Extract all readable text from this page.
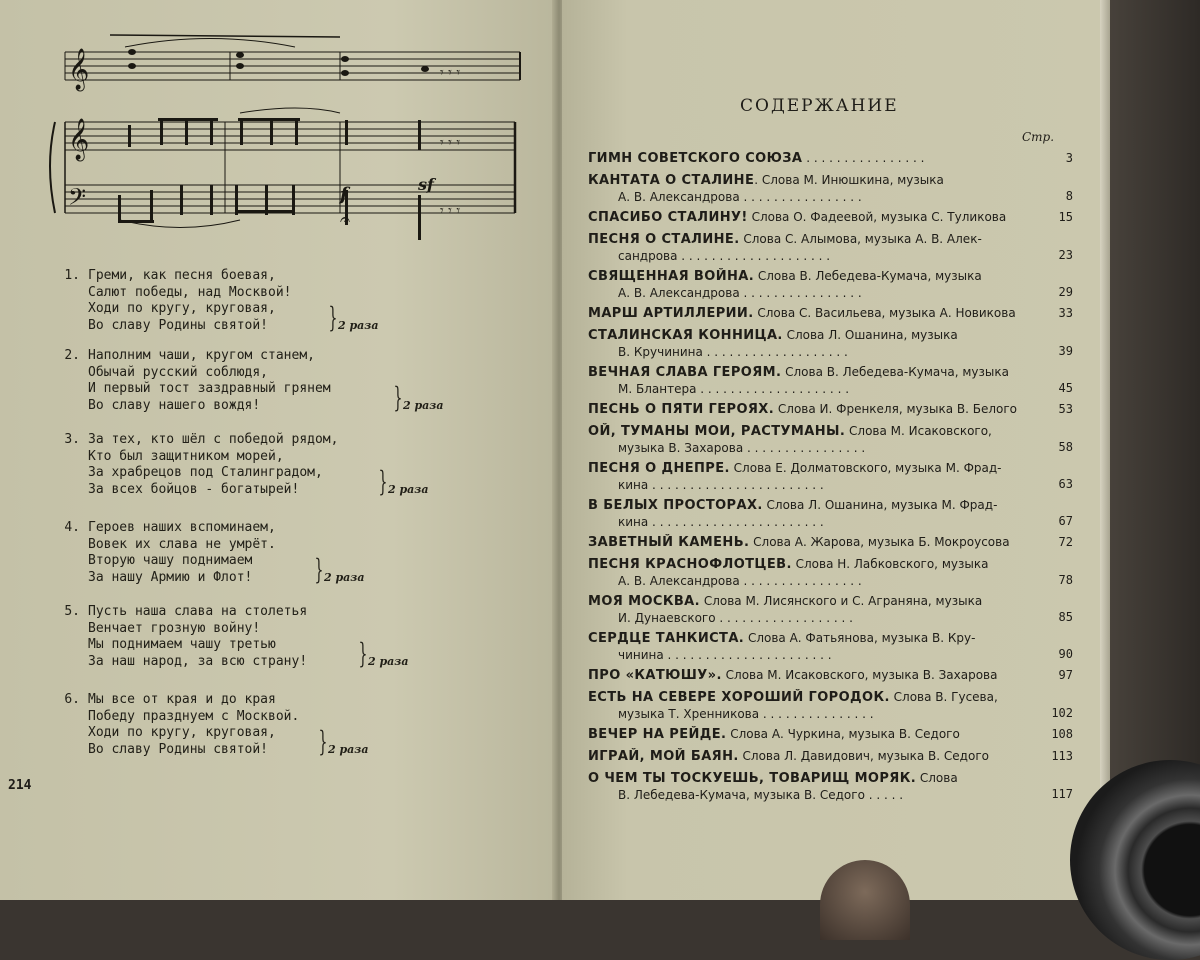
𝄞
𝄞
𝄢	f	sf
𝄾 𝄾 𝄾
𝄾 𝄾 𝄾
𝄾 𝄾 𝄾
𝄐
1. Греми, как песня боевая,
Салют победы, над Москвой!
Ходи по кругу, круговая,
Во славу Родины святой!	} 2 раза
2. Наполним чаши, кругом станем,
Обычай русский соблюдя,
И первый тост заздравный грянем
Во славу нашего вождя!	} 2 раза
3. За тех, кто шёл с победой рядом,
Кто был защитником морей,
За храбрецов под Сталинградом,
За всех бойцов - богатырей!	} 2 раза
4. Героев наших вспоминаем,
Вовек их слава не умрёт.
Вторую чашу поднимаем
За нашу Армию и Флот!	} 2 раза
5. Пусть наша слава на столетья
Венчает грозную войну!
Мы поднимаем чашу третью
За наш народ, за всю страну! } 2 раза
6. Мы все от края и до края
Победу празднуем с Москвой.
Ходи по кругу, круговая,
Во славу Родины святой!	} 2 раза
214
СОДЕРЖАНИЕ
Стр.
ГИМН СОВЕТСКОГО СОЮЗА . . . . . . . . . . . . . . . .	3
КАНТАТА О СТАЛИНЕ. Слова М. Инюшкина, музыка
А. В. Александрова . . . . . . . . . . . . . . . .	8
СПАСИБО СТАЛИНУ! Слова О. Фадеевой, музыка С. Туликова	15
ПЕСНЯ О СТАЛИНЕ. Слова С. Алымова, музыка А. В. Алек-
сандрова . . . . . . . . . . . . . . . . . . . .	23
СВЯЩЕННАЯ ВОЙНА. Слова В. Лебедева-Кумача, музыка
А. В. Александрова . . . . . . . . . . . . . . . .	29
МАРШ АРТИЛЛЕРИИ. Слова С. Васильева, музыка А. Новикова	33
СТАЛИНСКАЯ КОННИЦА. Слова Л. Ошанина, музыка
В. Кручинина . . . . . . . . . . . . . . . . . . .	39
ВЕЧНАЯ СЛАВА ГЕРОЯМ. Слова В. Лебедева-Кумача, музыка
М. Блантера . . . . . . . . . . . . . . . . . . . .	45
ПЕСНЬ О ПЯТИ ГЕРОЯХ. Слова И. Френкеля, музыка В. Белого	53
ОЙ, ТУМАНЫ МОИ, РАСТУМАНЫ. Слова М. Исаковского,
музыка В. Захарова . . . . . . . . . . . . . . . .	58
ПЕСНЯ О ДНЕПРЕ. Слова Е. Долматовского, музыка М. Фрад-
кина . . . . . . . . . . . . . . . . . . . . . . .	63
В БЕЛЫХ ПРОСТОРАХ. Слова Л. Ошанина, музыка М. Фрад-
кина . . . . . . . . . . . . . . . . . . . . . . .	67
ЗАВЕТНЫЙ КАМЕНЬ. Слова А. Жарова, музыка Б. Мокроусова	72
ПЕСНЯ КРАСНОФЛОТЦЕВ. Слова Н. Лабковского, музыка
А. В. Александрова . . . . . . . . . . . . . . . .	78
МОЯ МОСКВА. Слова М. Лисянского и С. Аграняна, музыка
И. Дунаевского . . . . . . . . . . . . . . . . . .	85
СЕРДЦЕ ТАНКИСТА. Слова А. Фатьянова, музыка В. Кру-
чинина . . . . . . . . . . . . . . . . . . . . . .	90
ПРО «КАТЮШУ». Слова М. Исаковского, музыка В. Захарова	97
ЕСТЬ НА СЕВЕРЕ ХОРОШИЙ ГОРОДОК. Слова В. Гусева,
музыка Т. Хренникова . . . . . . . . . . . . . . .	102
ВЕЧЕР НА РЕЙДЕ. Слова А. Чуркина, музыка В. Седого	108
ИГРАЙ, МОЙ БАЯН. Слова Л. Давидович, музыка В. Седого	113
О ЧЕМ ТЫ ТОСКУЕШЬ, ТОВАРИЩ МОРЯК. Слова
В. Лебедева-Кумача, музыка В. Седого . . . . .	117
